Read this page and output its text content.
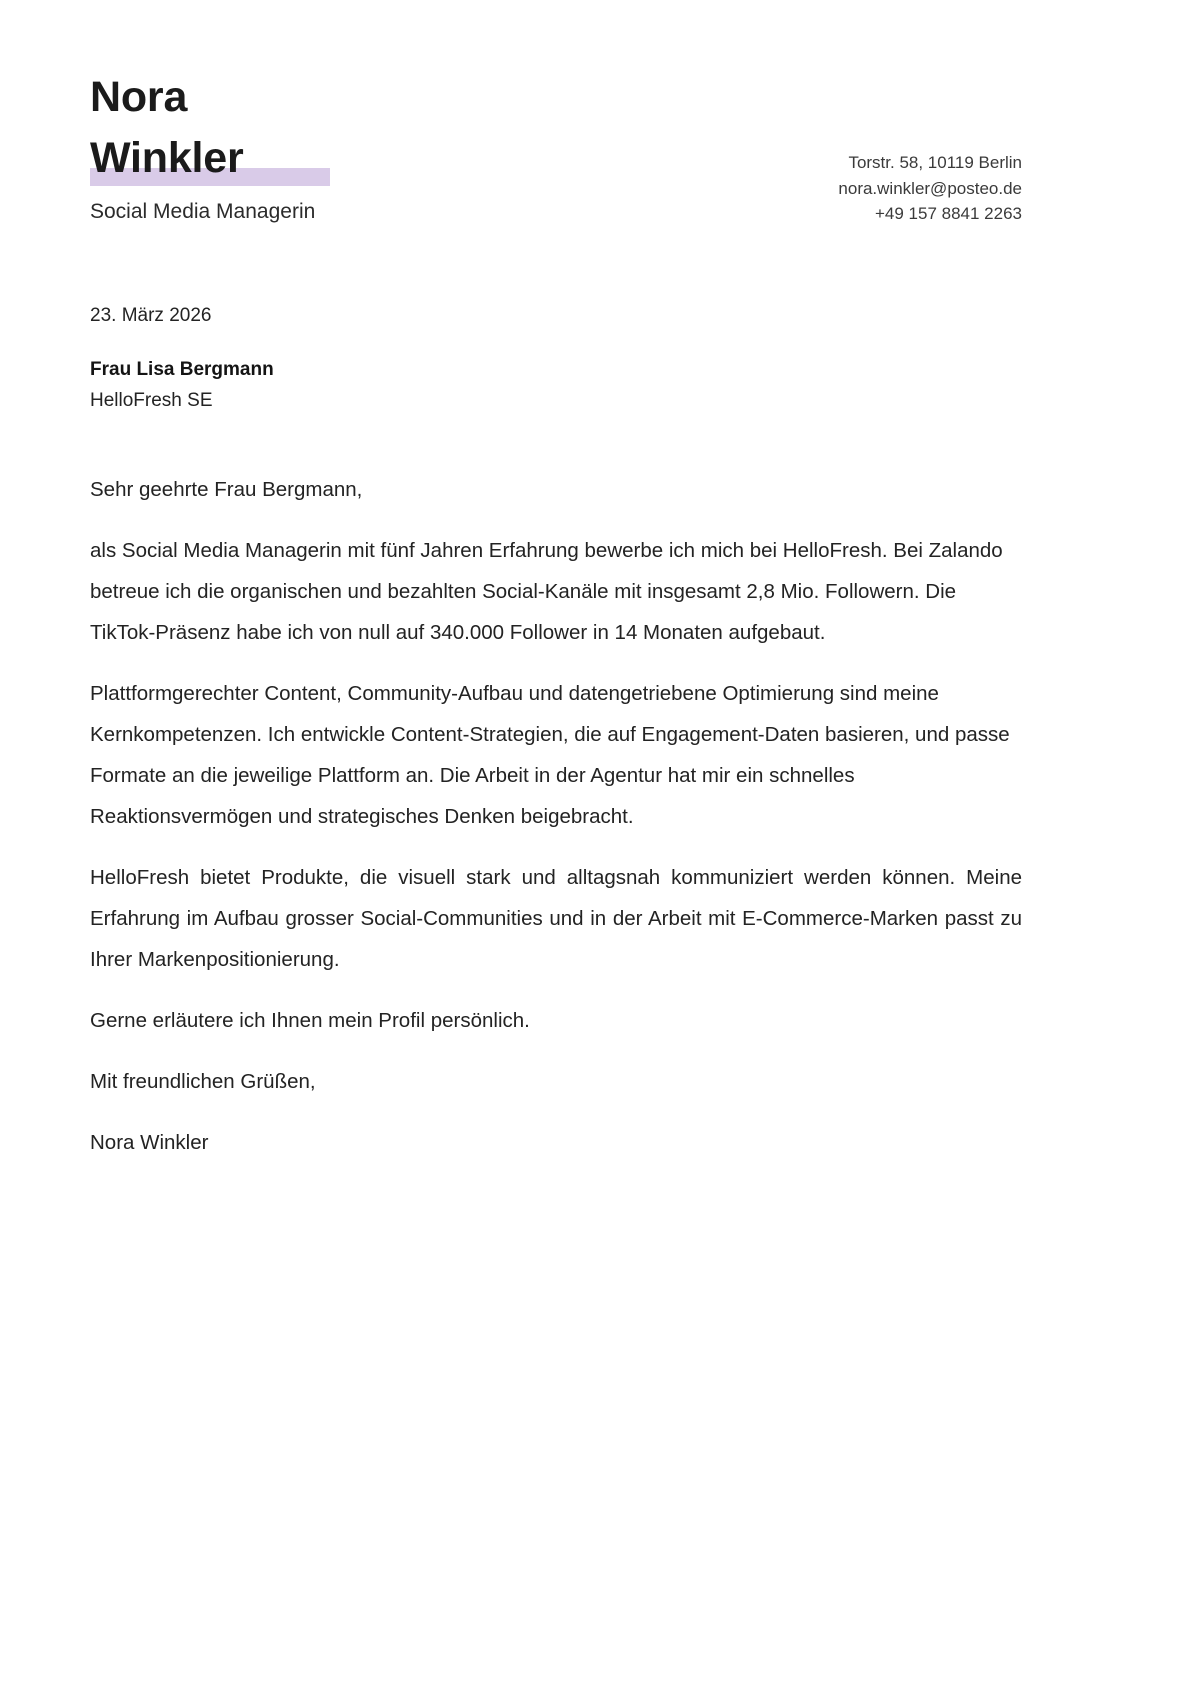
Nora
Winkler
Social Media Managerin
Torstr. 58, 10119 Berlin
nora.winkler@posteo.de
+49 157 8841 2263
23. März 2026
Frau Lisa Bergmann
HelloFresh SE

Sehr geehrte Frau Bergmann,

als Social Media Managerin mit fünf Jahren Erfahrung bewerbe ich mich bei HelloFresh. Bei Zalando betreue ich die organischen und bezahlten Social-Kanäle mit insgesamt 2,8 Mio. Followern. Die TikTok-Präsenz habe ich von null auf 340.000 Follower in 14 Monaten aufgebaut.

Plattformgerechter Content, Community-Aufbau und datengetriebene Optimierung sind meine Kernkompetenzen. Ich entwickle Content-Strategien, die auf Engagement-Daten basieren, und passe Formate an die jeweilige Plattform an. Die Arbeit in der Agentur hat mir ein schnelles Reaktionsvermögen und strategisches Denken beigebracht.

HelloFresh bietet Produkte, die visuell stark und alltagsnah kommuniziert werden können. Meine Erfahrung im Aufbau grosser Social-Communities und in der Arbeit mit E-Commerce-Marken passt zu Ihrer Markenpositionierung.

Gerne erläutere ich Ihnen mein Profil persönlich.

Mit freundlichen Grüßen,

Nora Winkler
